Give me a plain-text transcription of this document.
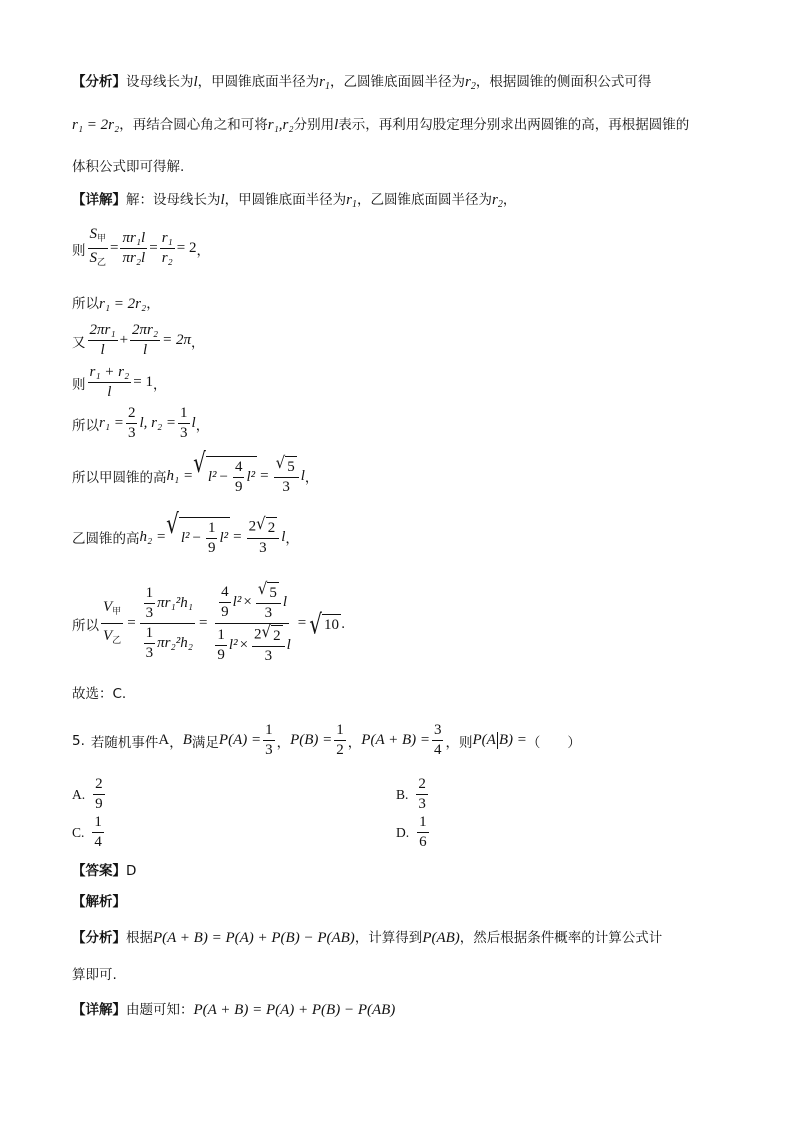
【分析】设母线长为l，甲圆锥底面半径为$r_1$，乙圆锥底面圆半径为$r_2$，根据圆锥的侧面积公式可得
r₁ = 2r₂，再结合圆心角之和可将r₁,r₂分别用l表示，再利用勾股定理分别求出两圆锥的高，再根据圆锥的
体积公式即可得解.
【详解】解：设母线长为l，甲圆锥底面半径为$r_1$，乙圆锥底面圆半径为$r_2$，
则 $\frac{S_甲}{S_乙} = \frac{\text{πr₁l}}{\text{πr₂l}} = \frac{\text{r₁}}{\text{r₂}} = 2$ ，
所以r₁ = 2r₂，
又 $\frac{\text{2πr₁}}{l} + \frac{\text{2πr₂}}{l} = 2\pi$ ，
则 $\frac{\text{r₁ + r₂}}{l} = 1$ ，
所以 $r_1 = \frac{2}{3} l$, $r_2 = \frac{1}{3}$ l ，
所以甲圆锥的高 h₁ = √ $l^2 - \frac{4}{9} l^2 = \frac{√ 5}{3}$ l ，
乙圆锥的高 h₂ = √ $l^2 - \frac{1}{9} l^2 = \frac{2 √ 2}{3}$ l ，
所以 $\frac{V_甲}{V_乙} = \frac{\frac{1}{3} \pi r_1^2h_1}{\frac{1}{3} \pi r_2^2h_2} = \frac{\frac{4}{9} l^2 \times \frac{√ 5}{3} l}{\frac{1}{9} l^2 \times \frac{2 √ 2}{3} l}$ = √ 10 .
故选：C.
5. 若随机事件 A ， B 满足 $P(A) = \frac{1}{3}$ ， $P(B) = \frac{1}{2}$ ， $P(A + B) = \frac{3}{4}$ ，则 P(A B) = （　　）
A. $\frac{2}{9}$	B. $\frac{2}{3}$
C. $\frac{1}{4}$	D. $\frac{1}{6}$
【答案】D
【解析】
【分析】根据P(A + B) = P(A) + P(B) − P(AB)，计算得到P(AB)，然后根据条件概率的计算公式计
算即可.
【详解】由题可知：P(A + B) = P(A) + P(B) − P(AB)
